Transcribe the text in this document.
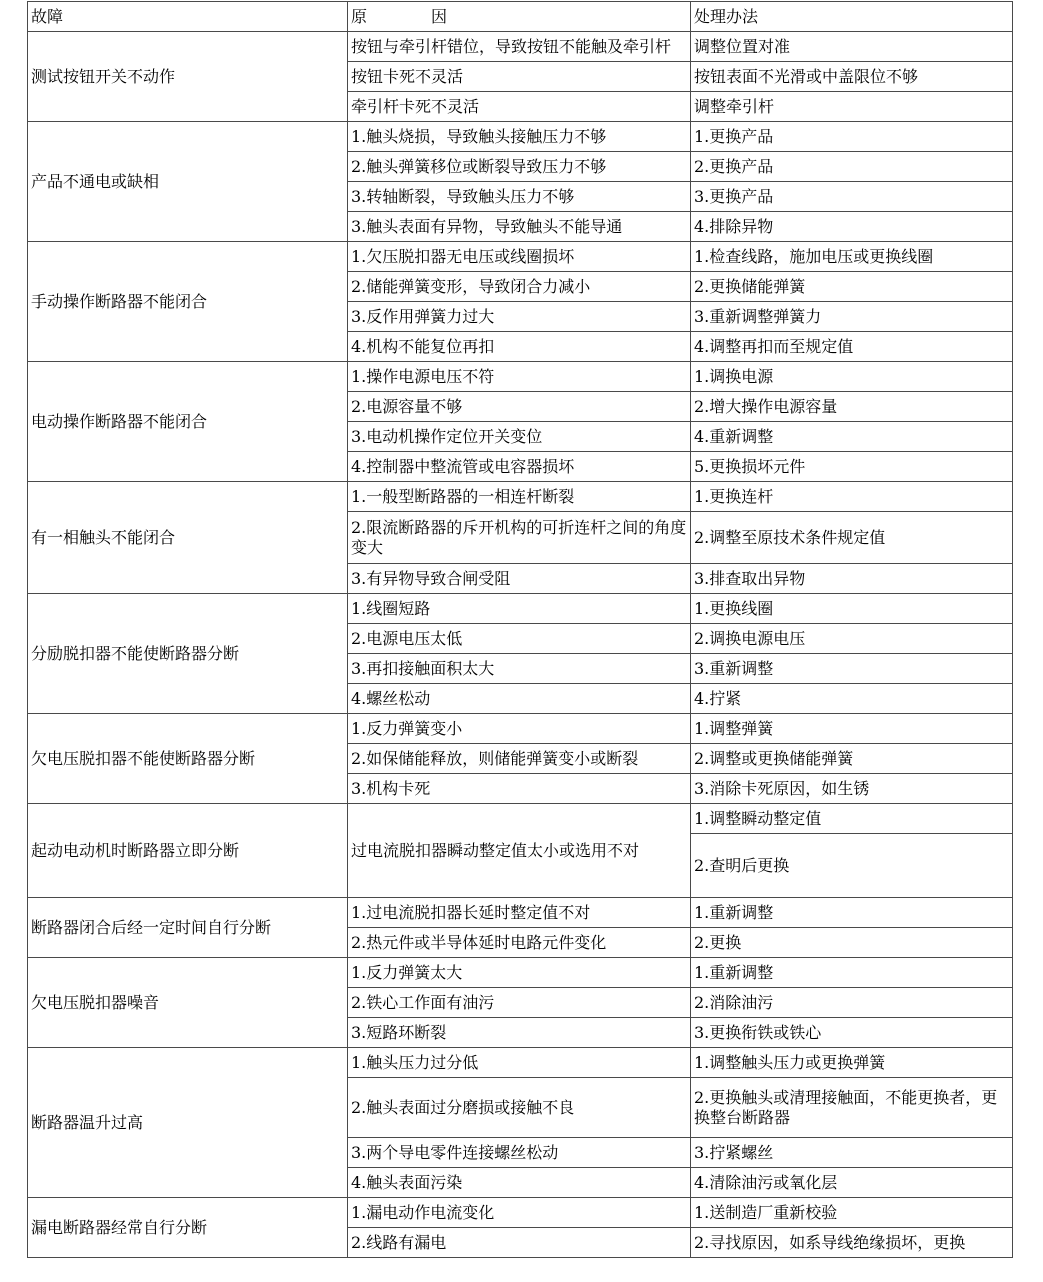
故障	原　　　　因	处理办法
测试按钮开关不动作	按钮与牵引杆错位，导致按钮不能触及牵引杆	调整位置对准
	按钮卡死不灵活	按钮表面不光滑或中盖限位不够
	牵引杆卡死不灵活	调整牵引杆
产品不通电或缺相	1.触头烧损，导致触头接触压力不够	1.更换产品
	2.触头弹簧移位或断裂导致压力不够	2.更换产品
	3.转轴断裂，导致触头压力不够	3.更换产品
	3.触头表面有异物，导致触头不能导通	4.排除异物
手动操作断路器不能闭合	1.欠压脱扣器无电压或线圈损坏	1.检查线路，施加电压或更换线圈
	2.储能弹簧变形，导致闭合力减小	2.更换储能弹簧
	3.反作用弹簧力过大	3.重新调整弹簧力
	4.机构不能复位再扣	4.调整再扣而至规定值
电动操作断路器不能闭合	1.操作电源电压不符	1.调换电源
	2.电源容量不够	2.增大操作电源容量
	3.电动机操作定位开关变位	4.重新调整
	4.控制器中整流管或电容器损坏	5.更换损坏元件
有一相触头不能闭合	1.一般型断路器的一相连杆断裂	1.更换连杆
	2.限流断路器的斥开机构的可折连杆之间的角度变大	2.调整至原技术条件规定值
	3.有异物导致合闸受阻	3.排查取出异物
分励脱扣器不能使断路器分断	1.线圈短路	1.更换线圈
	2.电源电压太低	2.调换电源电压
	3.再扣接触面积太大	3.重新调整
	4.螺丝松动	4.拧紧
欠电压脱扣器不能使断路器分断	1.反力弹簧变小	1.调整弹簧
	2.如保储能释放，则储能弹簧变小或断裂	2.调整或更换储能弹簧
	3.机构卡死	3.消除卡死原因，如生锈
起动电动机时断路器立即分断	过电流脱扣器瞬动整定值太小或选用不对	1.调整瞬动整定值
		2.查明后更换
断路器闭合后经一定时间自行分断	1.过电流脱扣器长延时整定值不对	1.重新调整
	2.热元件或半导体延时电路元件变化	2.更换
欠电压脱扣器噪音	1.反力弹簧太大	1.重新调整
	2.铁心工作面有油污	2.消除油污
	3.短路环断裂	3.更换衔铁或铁心
断路器温升过高	1.触头压力过分低	1.调整触头压力或更换弹簧
	2.触头表面过分磨损或接触不良	2.更换触头或清理接触面，不能更换者，更换整台断路器
	3.两个导电零件连接螺丝松动	3.拧紧螺丝
	4.触头表面污染	4.清除油污或氧化层
漏电断路器经常自行分断	1.漏电动作电流变化	1.送制造厂重新校验
	2.线路有漏电	2.寻找原因，如系导线绝缘损坏，更换
